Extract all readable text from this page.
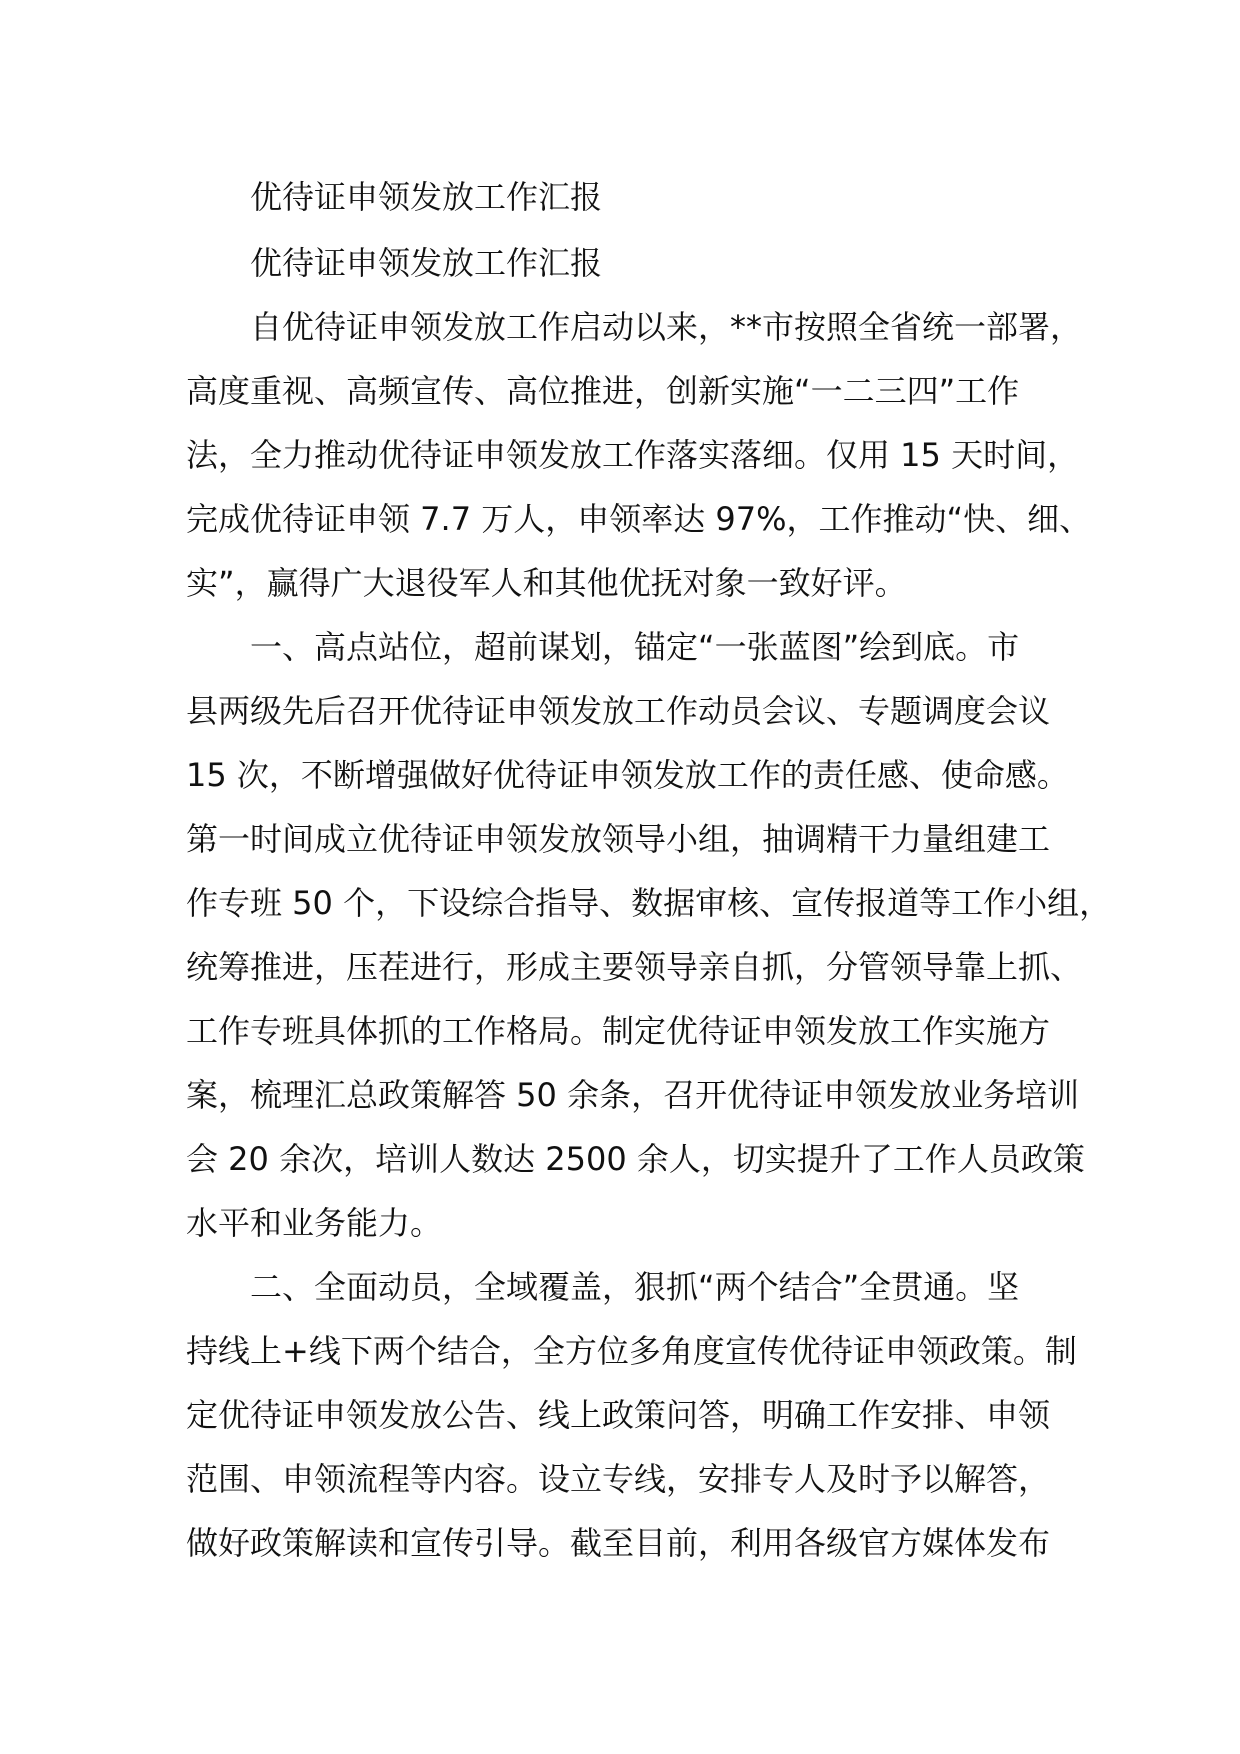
优待证申领发放工作汇报
优待证申领发放工作汇报
自优待证申领发放工作启动以来，**市按照全省统一部署，
高度重视、高频宣传、高位推进，创新实施“一二三四”工作
法，全力推动优待证申领发放工作落实落细。仅用 15 天时间，
完成优待证申领 7.7 万人，申领率达 97%，工作推动“快、细、
实”，赢得广大退役军人和其他优抚对象一致好评。
一、高点站位，超前谋划，锚定“一张蓝图”绘到底。市
县两级先后召开优待证申领发放工作动员会议、专题调度会议
15 次，不断增强做好优待证申领发放工作的责任感、使命感。
第一时间成立优待证申领发放领导小组，抽调精干力量组建工
作专班 50 个，下设综合指导、数据审核、宣传报道等工作小组，
统筹推进，压茬进行，形成主要领导亲自抓，分管领导靠上抓、
工作专班具体抓的工作格局。制定优待证申领发放工作实施方
案，梳理汇总政策解答 50 余条，召开优待证申领发放业务培训
会 20 余次，培训人数达 2500 余人，切实提升了工作人员政策
水平和业务能力。
二、全面动员，全域覆盖，狠抓“两个结合”全贯通。坚
持线上+线下两个结合，全方位多角度宣传优待证申领政策。制
定优待证申领发放公告、线上政策问答，明确工作安排、申领
范围、申领流程等内容。设立专线，安排专人及时予以解答，
做好政策解读和宣传引导。截至目前，利用各级官方媒体发布
